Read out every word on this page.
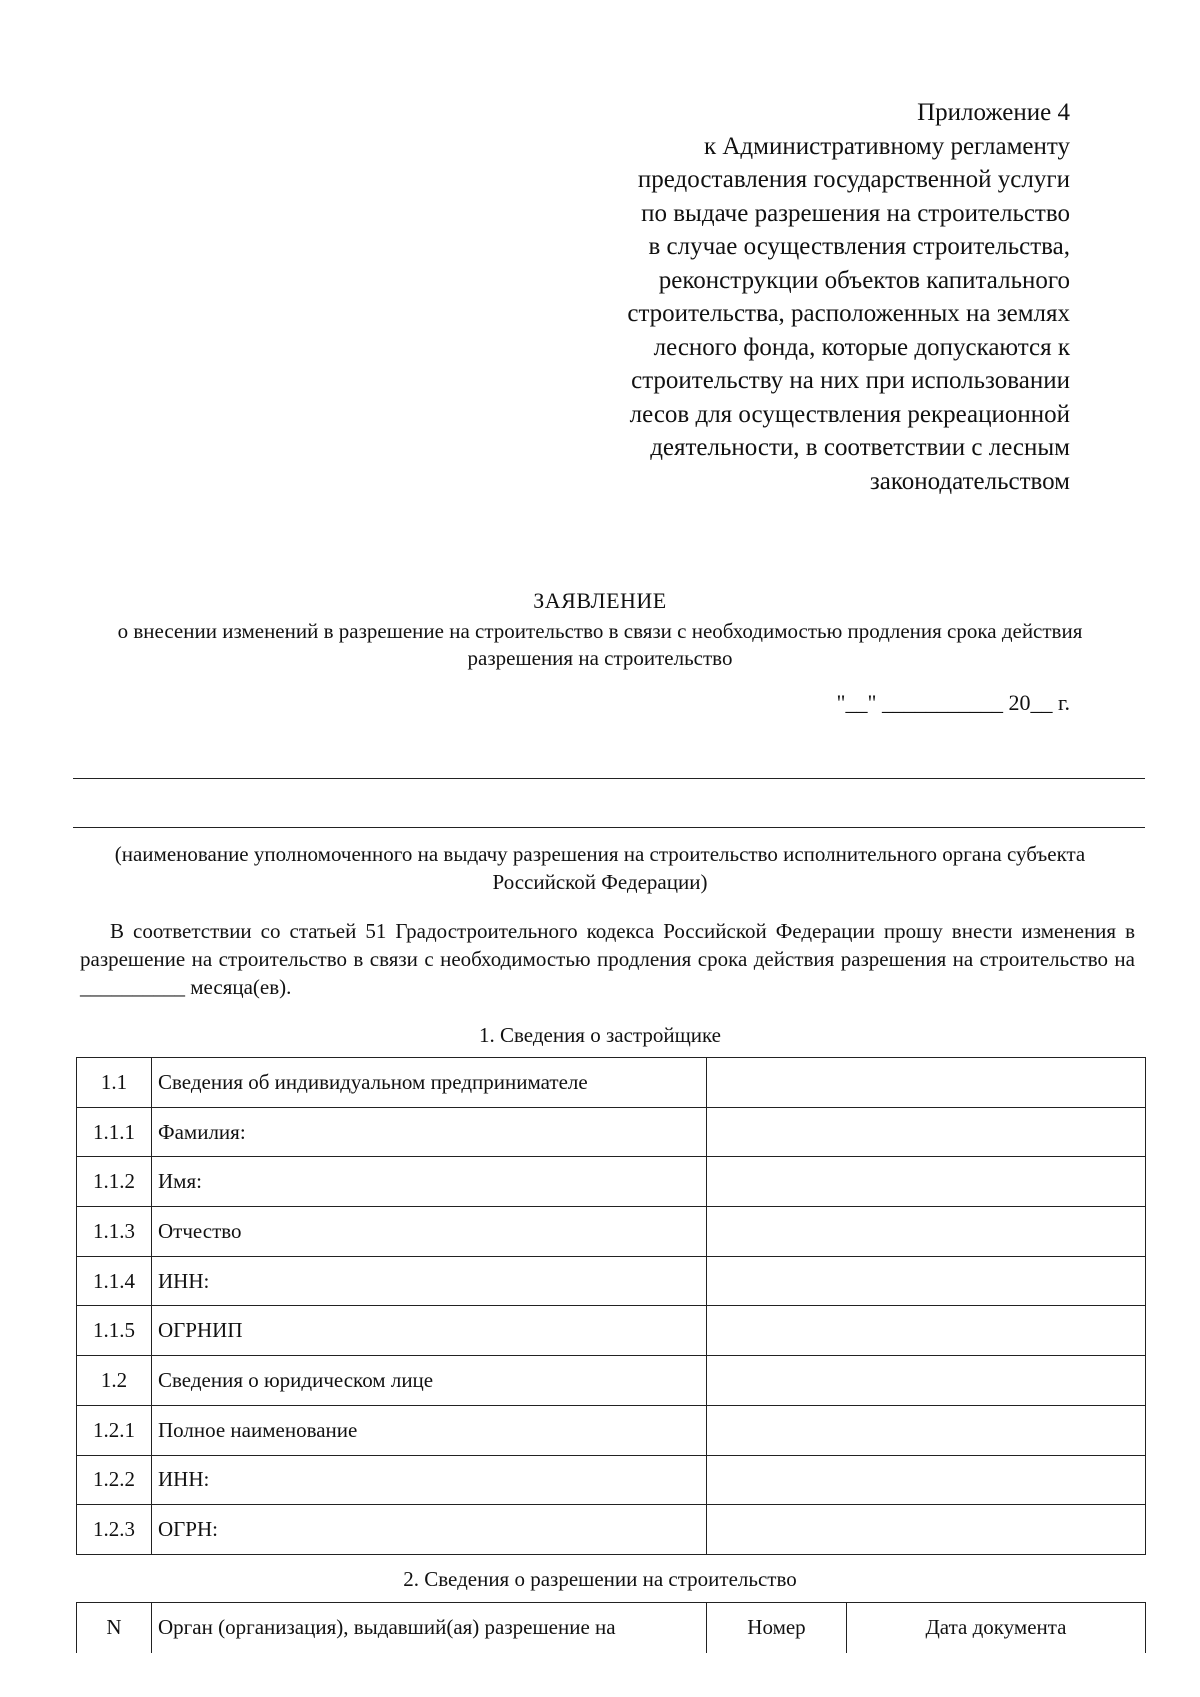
Приложение 4
к Административному регламенту
предоставления государственной услуги
по выдаче разрешения на строительство
в случае осуществления строительства,
реконструкции объектов капитального
строительства, расположенных на землях
лесного фонда, которые допускаются к
строительству на них при использовании
лесов для осуществления рекреационной
деятельности, в соответствии с лесным
законодательством
ЗАЯВЛЕНИЕ
о внесении изменений в разрешение на строительство в связи с необходимостью продления срока действия разрешения на строительство
"__" ___________ 20__ г.
(наименование уполномоченного на выдачу разрешения на строительство исполнительного органа субъекта Российской Федерации)
В соответствии со статьей 51 Градостроительного кодекса Российской Федерации прошу внести изменения в разрешение на строительство в связи с необходимостью продления срока действия разрешения на строительство на __________ месяца(ев).
1. Сведения о застройщике
1.1	Сведения об индивидуальном предпринимателе	
1.1.1	Фамилия:	
1.1.2	Имя:	
1.1.3	Отчество	
1.1.4	ИНН:	
1.1.5	ОГРНИП	
1.2	Сведения о юридическом лице	
1.2.1	Полное наименование	
1.2.2	ИНН:	
1.2.3	ОГРН:	
2. Сведения о разрешении на строительство
N	Орган (организация), выдавший(ая) разрешение на	Номер	Дата документа
